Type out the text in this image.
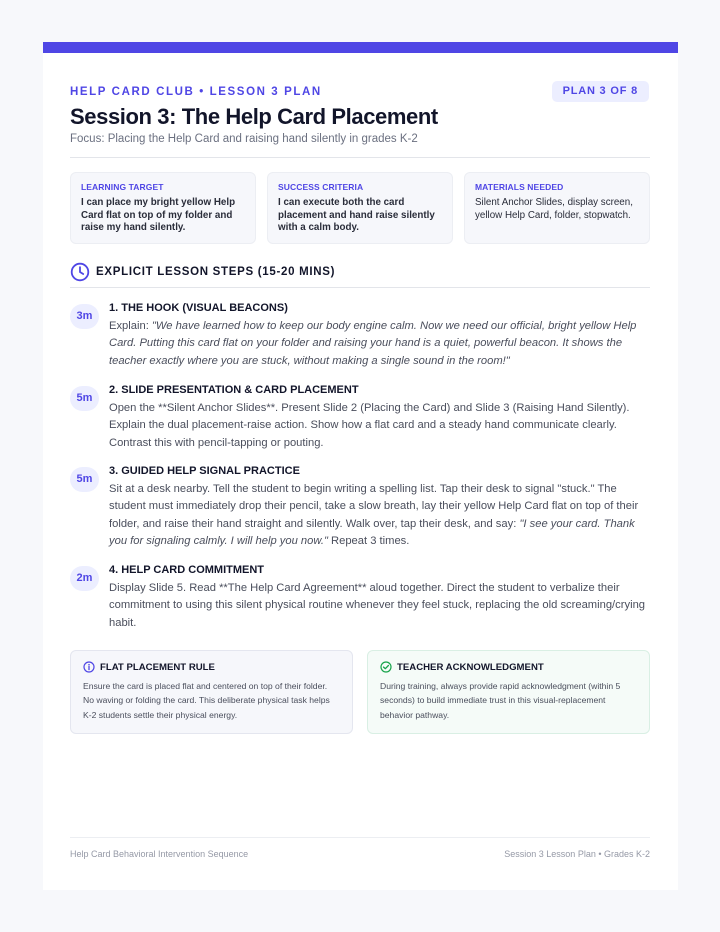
HELP CARD CLUB • LESSON 3 PLAN	PLAN 3 OF 8
Session 3: The Help Card Placement
Focus: Placing the Help Card and raising hand silently in grades K-2
LEARNING TARGET
I can place my bright yellow Help Card flat on top of my folder and raise my hand silently.
SUCCESS CRITERIA
I can execute both the card placement and hand raise silently with a calm body.
MATERIALS NEEDED
Silent Anchor Slides, display screen, yellow Help Card, folder, stopwatch.
EXPLICIT LESSON STEPS (15-20 MINS)
3m
1. THE HOOK (VISUAL BEACONS)
Explain: "We have learned how to keep our body engine calm. Now we need our official, bright yellow Help Card. Putting this card flat on your folder and raising your hand is a quiet, powerful beacon. It shows the teacher exactly where you are stuck, without making a single sound in the room!"
5m
2. SLIDE PRESENTATION & CARD PLACEMENT
Open the **Silent Anchor Slides**. Present Slide 2 (Placing the Card) and Slide 3 (Raising Hand Silently). Explain the dual placement-raise action. Show how a flat card and a steady hand communicate clearly. Contrast this with pencil-tapping or pouting.
5m
3. GUIDED HELP SIGNAL PRACTICE
Sit at a desk nearby. Tell the student to begin writing a spelling list. Tap their desk to signal "stuck." The student must immediately drop their pencil, take a slow breath, lay their yellow Help Card flat on top of their folder, and raise their hand straight and silently. Walk over, tap their desk, and say: "I see your card. Thank you for signaling calmly. I will help you now." Repeat 3 times.
2m
4. HELP CARD COMMITMENT
Display Slide 5. Read **The Help Card Agreement** aloud together. Direct the student to verbalize their commitment to using this silent physical routine whenever they feel stuck, replacing the old screaming/crying habit.
FLAT PLACEMENT RULE
Ensure the card is placed flat and centered on top of their folder. No waving or folding the card. This deliberate physical task helps K-2 students settle their physical energy.
TEACHER ACKNOWLEDGMENT
During training, always provide rapid acknowledgment (within 5 seconds) to build immediate trust in this visual-replacement behavior pathway.
Help Card Behavioral Intervention Sequence	Session 3 Lesson Plan • Grades K-2
